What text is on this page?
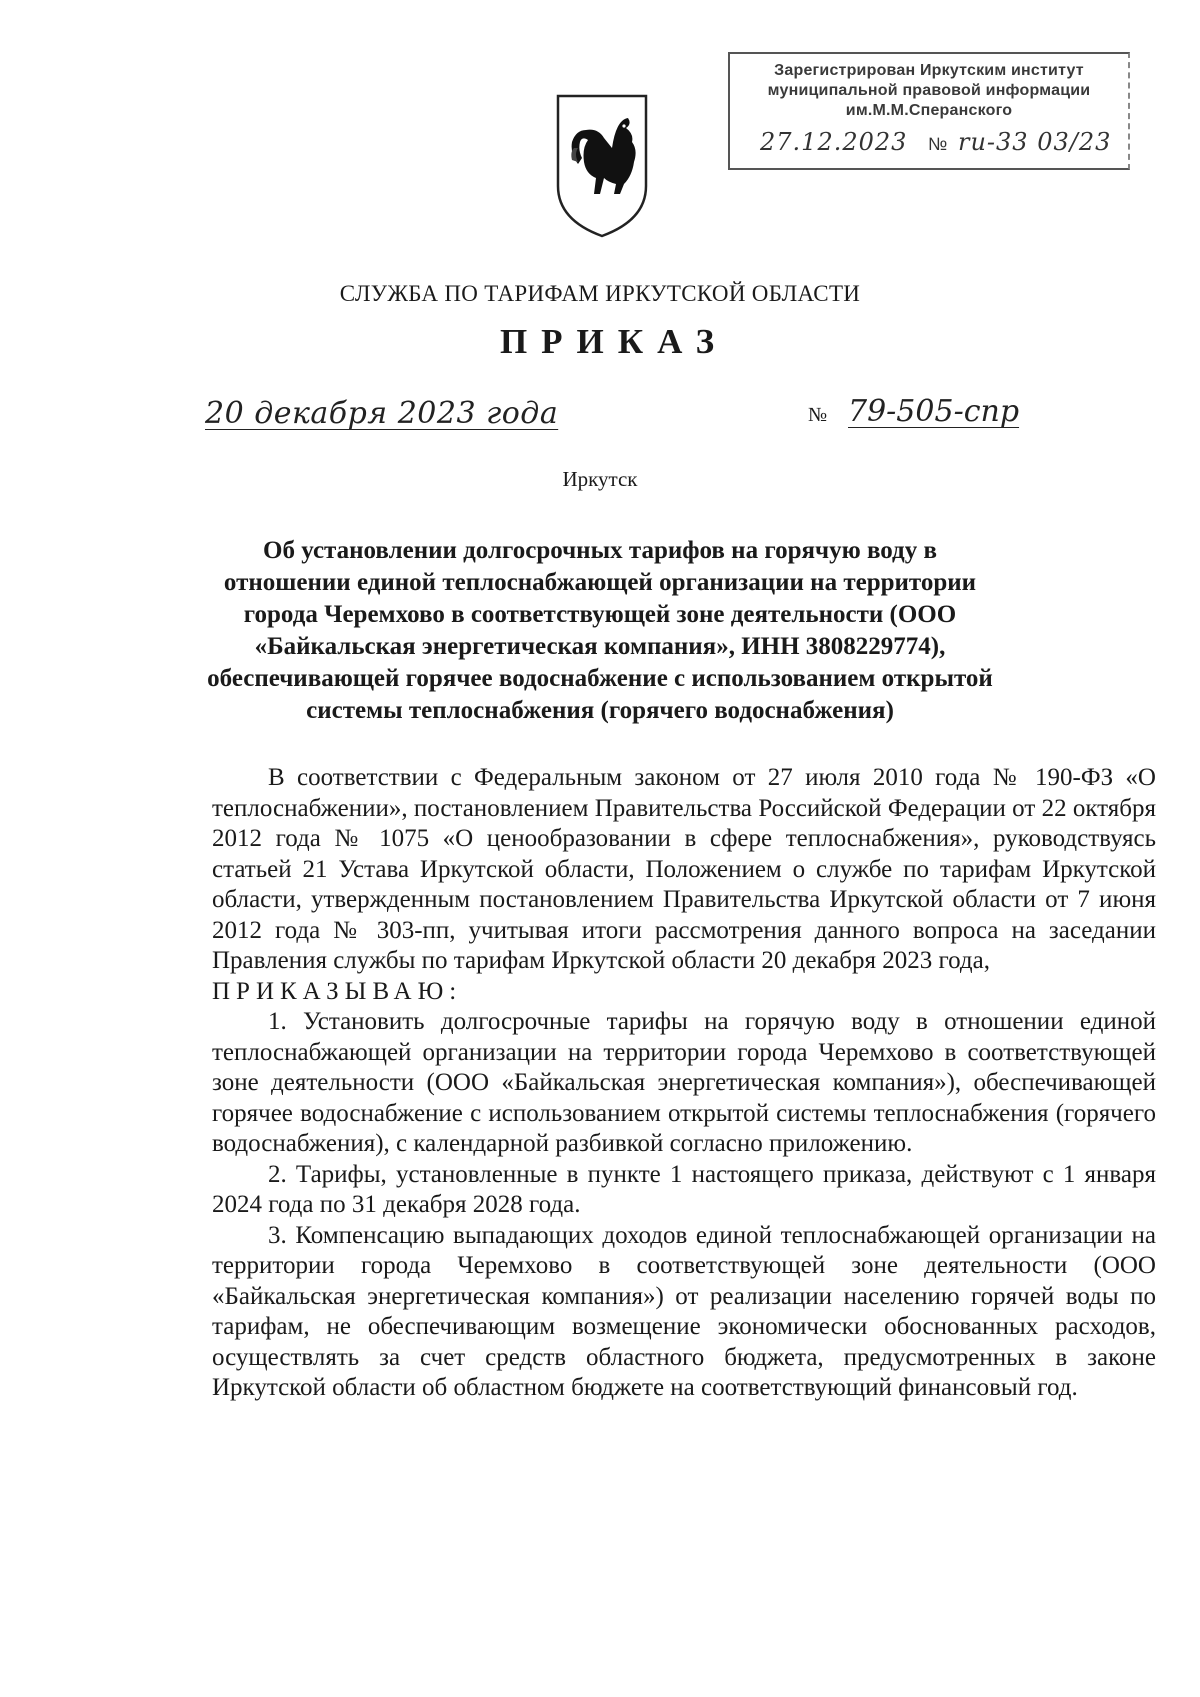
Зарегистрирован Иркутским институт
муниципальной правовой информации
им.М.М.Сперанского
27.12.2023 № ru-33 03/23
СЛУЖБА ПО ТАРИФАМ ИРКУТСКОЙ ОБЛАСТИ
ПРИКАЗ
20 декабря 2023 года	№ 79-505-спр
Иркутск
Об установлении долгосрочных тарифов на горячую воду в отношении единой теплоснабжающей организации на территории города Черемхово в соответствующей зоне деятельности (ООО «Байкальская энергетическая компания», ИНН 3808229774), обеспечивающей горячее водоснабжение с использованием открытой системы теплоснабжения (горячего водоснабжения)

В соответствии с Федеральным законом от 27 июля 2010 года № 190-ФЗ «О теплоснабжении», постановлением Правительства Российской Федерации от 22 октября 2012 года № 1075 «О ценообразовании в сфере теплоснабжения», руководствуясь статьей 21 Устава Иркутской области, Положением о службе по тарифам Иркутской области, утвержденным постановлением Правительства Иркутской области от 7 июня 2012 года № 303-пп, учитывая итоги рассмотрения данного вопроса на заседании Правления службы по тарифам Иркутской области 20 декабря 2023 года,

ПРИКАЗЫВАЮ:

1. Установить долгосрочные тарифы на горячую воду в отношении единой теплоснабжающей организации на территории города Черемхово в соответствующей зоне деятельности (ООО «Байкальская энергетическая компания»), обеспечивающей горячее водоснабжение с использованием открытой системы теплоснабжения (горячего водоснабжения), с календарной разбивкой согласно приложению.

2. Тарифы, установленные в пункте 1 настоящего приказа, действуют с 1 января 2024 года по 31 декабря 2028 года.

3. Компенсацию выпадающих доходов единой теплоснабжающей организации на территории города Черемхово в соответствующей зоне деятельности (ООО «Байкальская энергетическая компания») от реализации населению горячей воды по тарифам, не обеспечивающим возмещение экономически обоснованных расходов, осуществлять за счет средств областного бюджета, предусмотренных в законе Иркутской области об областном бюджете на соответствующий финансовый год.
